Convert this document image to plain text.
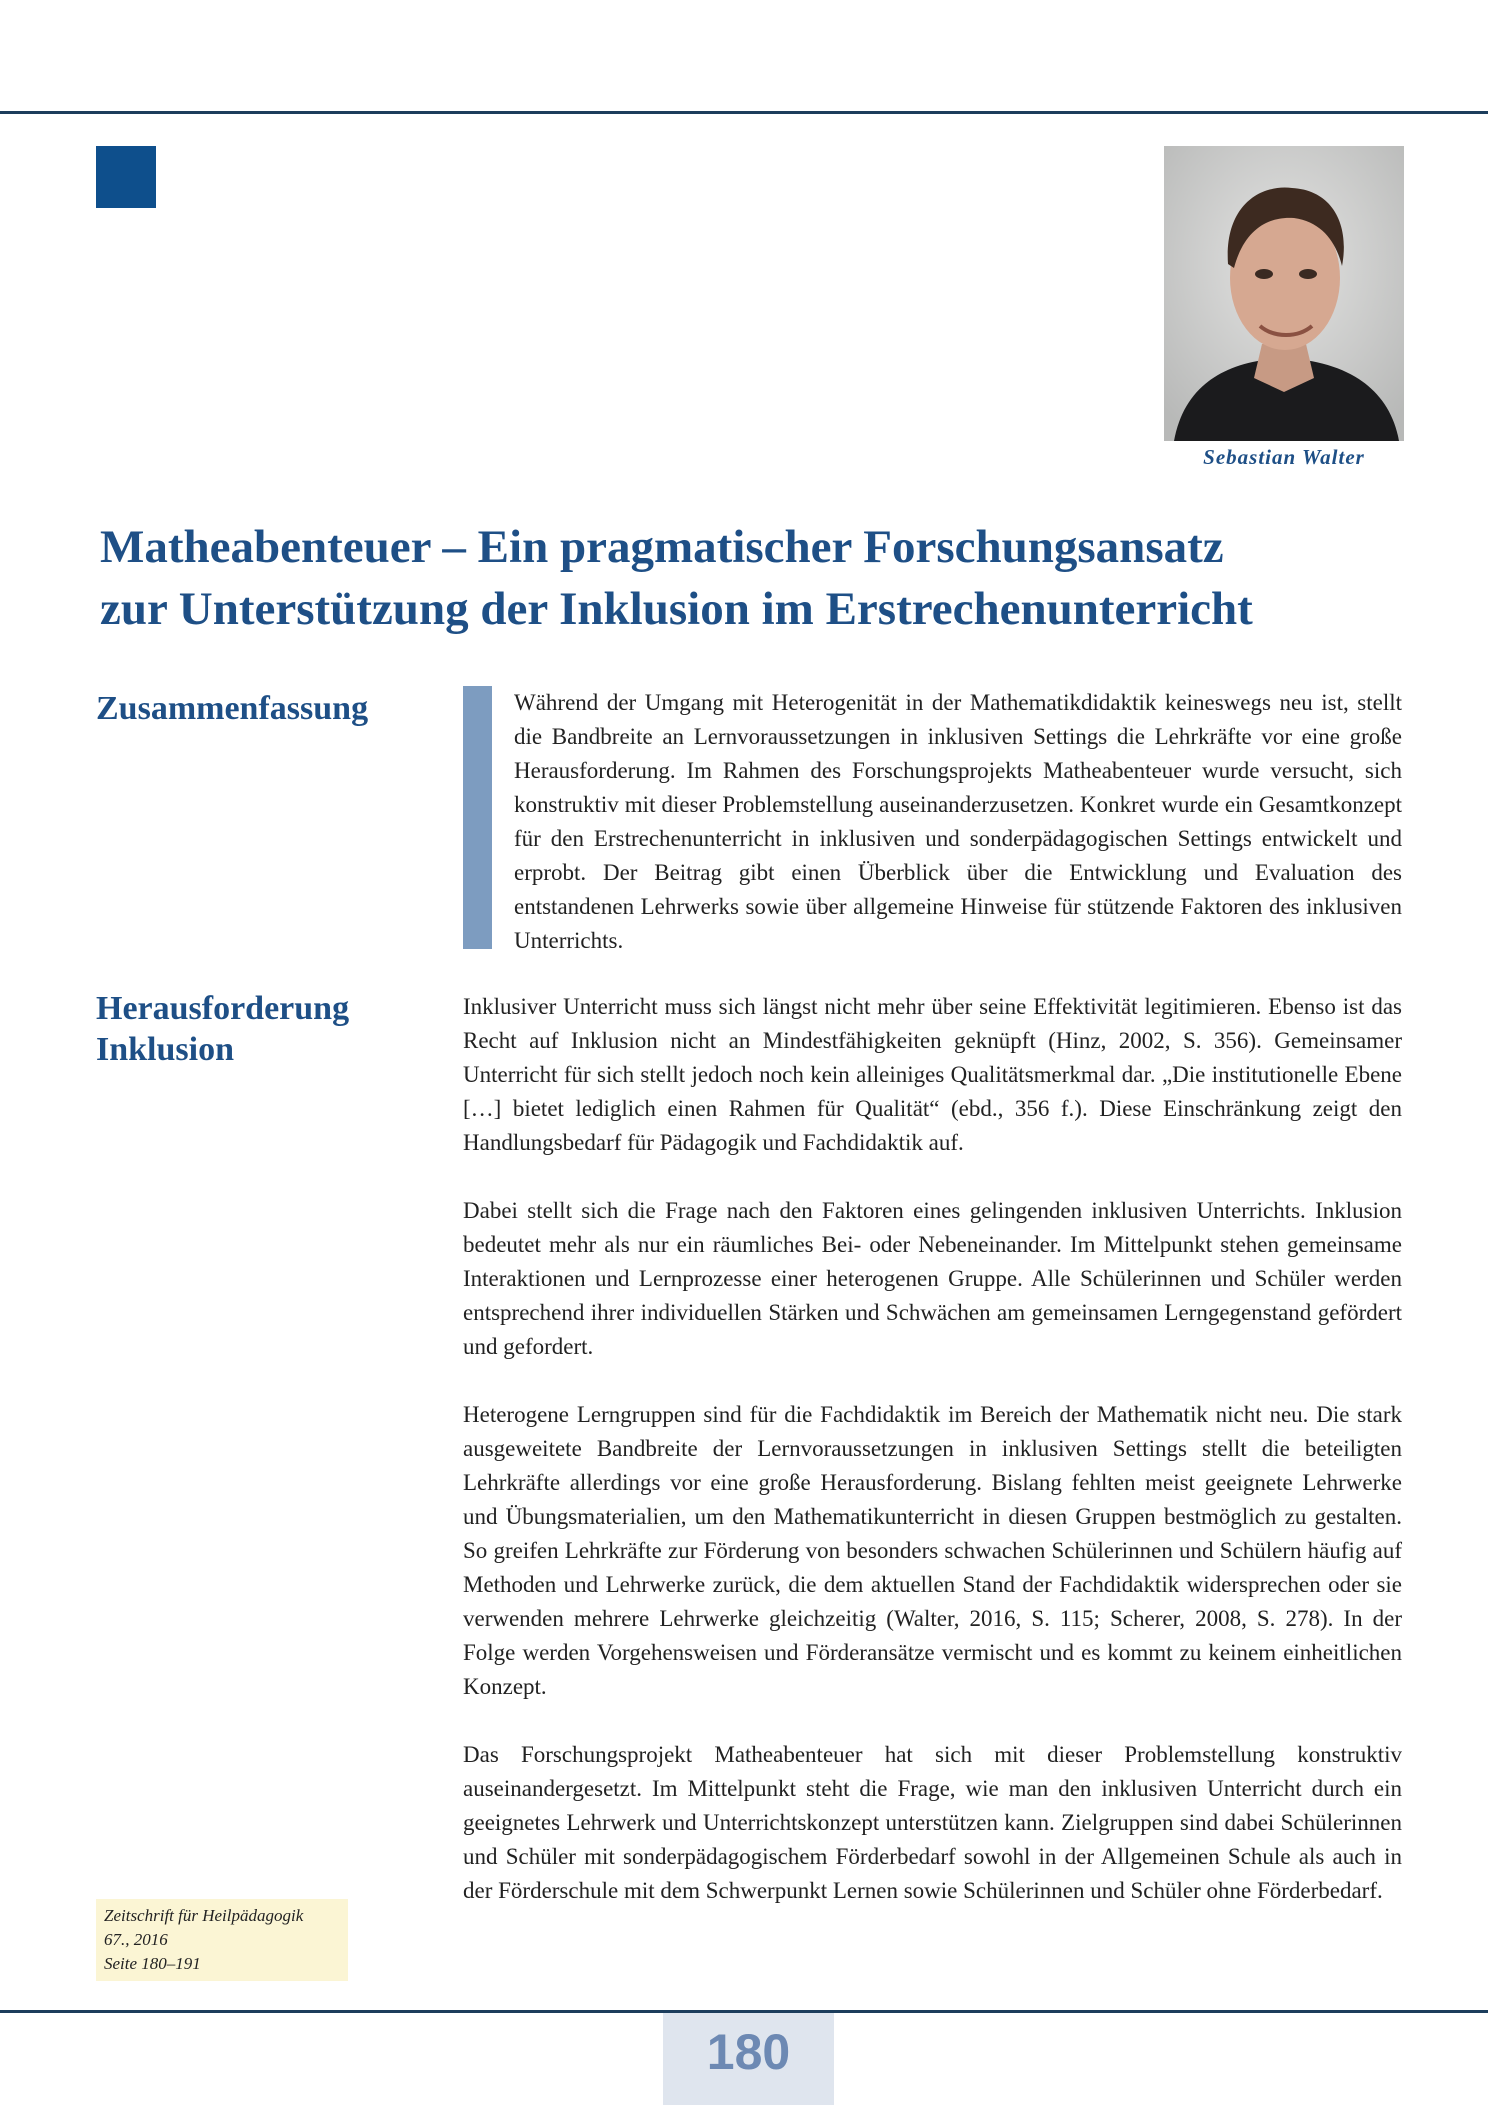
Sebastian Walter
Matheabenteuer – Ein pragmatischer Forschungsansatz
zur Unterstützung der Inklusion im Erstrechenunterricht
Zusammenfassung	Während der Umgang mit Heterogenität in der Mathematikdidaktik keineswegs neu ist, stellt die Bandbreite an Lernvoraussetzungen in inklusiven Settings die Lehrkräfte vor eine große Herausforderung. Im Rahmen des Forschungsprojekts Matheabenteuer wurde versucht, sich konstruktiv mit dieser Problemstellung auseinanderzusetzen. Konkret wurde ein Gesamtkonzept für den Erstrechenunterricht in inklusiven und sonderpädagogischen Settings entwickelt und erprobt. Der Beitrag gibt einen Überblick über die Entwicklung und Evaluation des entstandenen Lehrwerks sowie über allgemeine Hinweise für stützende Faktoren des inklusiven Unterrichts.

Herausforderung
Inklusion

Inklusiver Unterricht muss sich längst nicht mehr über seine Effektivität legitimieren. Ebenso ist das Recht auf Inklusion nicht an Mindestfähigkeiten geknüpft (Hinz, 2002, S. 356). Gemeinsamer Unterricht für sich stellt jedoch noch kein alleiniges Qualitätsmerkmal dar. „Die institutionelle Ebene […] bietet lediglich einen Rahmen für Qualität“ (ebd., 356 f.). Diese Einschränkung zeigt den Handlungsbedarf für Pädagogik und Fachdidaktik auf.

Dabei stellt sich die Frage nach den Faktoren eines gelingenden inklusiven Unterrichts. Inklusion bedeutet mehr als nur ein räumliches Bei- oder Nebeneinander. Im Mittelpunkt stehen gemeinsame Interaktionen und Lernprozesse einer heterogenen Gruppe. Alle Schülerinnen und Schüler werden entsprechend ihrer individuellen Stärken und Schwächen am gemeinsamen Lerngegenstand gefördert und gefordert.

Heterogene Lerngruppen sind für die Fachdidaktik im Bereich der Mathematik nicht neu. Die stark ausgeweitete Bandbreite der Lernvoraussetzungen in inklusiven Settings stellt die beteiligten Lehrkräfte allerdings vor eine große Herausforderung. Bislang fehlten meist geeignete Lehrwerke und Übungsmaterialien, um den Mathematikunterricht in diesen Gruppen bestmöglich zu gestalten. So greifen Lehrkräfte zur Förderung von besonders schwachen Schülerinnen und Schülern häufig auf Methoden und Lehrwerke zurück, die dem aktuellen Stand der Fachdidaktik widersprechen oder sie verwenden mehrere Lehrwerke gleichzeitig (Walter, 2016, S. 115; Scherer, 2008, S. 278). In der Folge werden Vorgehensweisen und Förderansätze vermischt und es kommt zu keinem einheitlichen Konzept.

Das Forschungsprojekt Matheabenteuer hat sich mit dieser Problemstellung konstruktiv auseinandergesetzt. Im Mittelpunkt steht die Frage, wie man den inklusiven Unterricht durch ein geeignetes Lehrwerk und Unterrichtskonzept unterstützen kann. Zielgruppen sind dabei Schülerinnen und Schüler mit sonderpädagogischem Förderbedarf sowohl in der Allgemeinen Schule als auch in der Förderschule mit dem Schwerpunkt Lernen sowie Schülerinnen und Schüler ohne Förderbedarf.

Zeitschrift für Heilpädagogik
67., 2016
Seite 180–191
180
